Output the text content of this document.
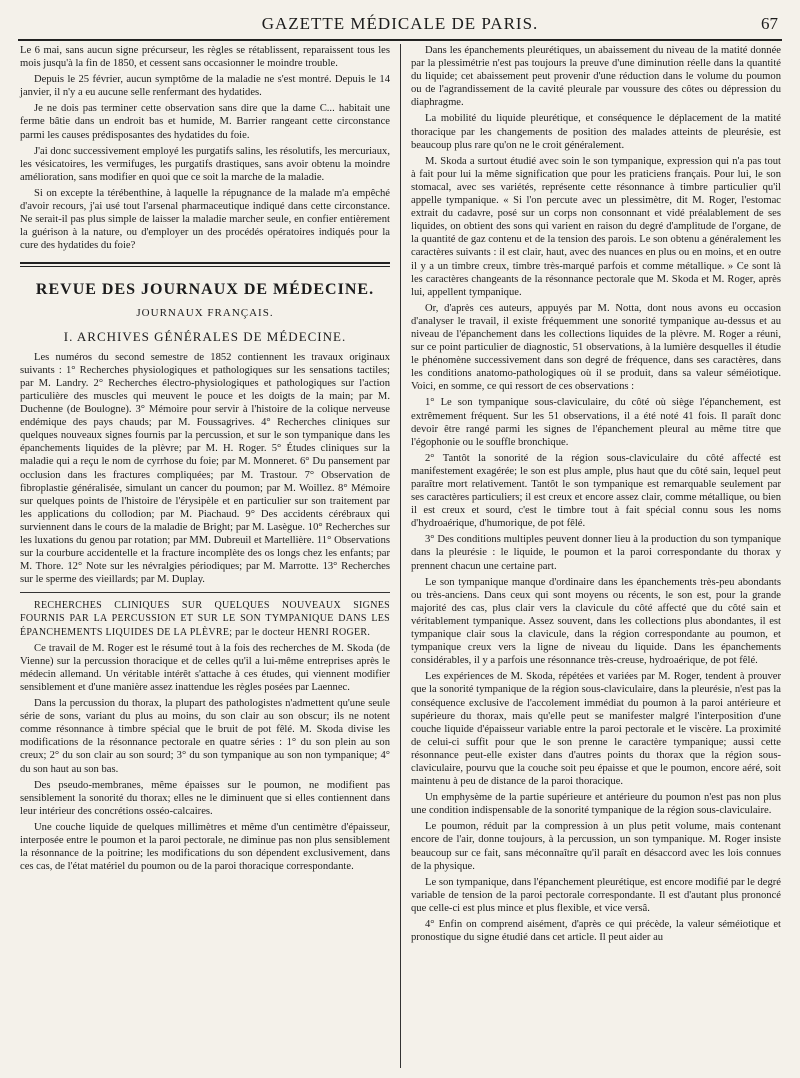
GAZETTE MÉDICALE DE PARIS.	67

Le 6 mai, sans aucun signe précurseur, les règles se rétablissent, reparaissent tous les mois jusqu'à la fin de 1850, et cessent sans occasionner le moindre trouble.

Depuis le 25 février, aucun symptôme de la maladie ne s'est montré. Depuis le 14 janvier, il n'y a eu aucune selle renfermant des hydatides.

Je ne dois pas terminer cette observation sans dire que la dame C... habitait une ferme bâtie dans un endroit bas et humide, M. Barrier rangeant cette circonstance parmi les causes prédisposantes des hydatides du foie.

J'ai donc successivement employé les purgatifs salins, les résolutifs, les mercuriaux, les vésicatoires, les vermifuges, les purgatifs drastiques, sans avoir obtenu la moindre amélioration, sans modifier en quoi que ce soit la marche de la maladie.

Si on excepte la térébenthine, à laquelle la répugnance de la malade m'a empêché d'avoir recours, j'ai usé tout l'arsenal pharmaceutique indiqué dans cette circonstance. Ne serait-il pas plus simple de laisser la maladie marcher seule, en confier entièrement la guérison à la nature, ou d'employer un des procédés opératoires indiqués pour la cure des hydatides du foie?

REVUE DES JOURNAUX DE MÉDECINE.
JOURNAUX FRANÇAIS.
I. ARCHIVES GÉNÉRALES DE MÉDECINE.

Les numéros du second semestre de 1852 contiennent les travaux originaux suivants : 1° Recherches physiologiques et pathologiques sur les sensations tactiles; par M. Landry. 2° Recherches électro-physiologiques et pathologiques sur l'action particulière des muscles qui meuvent le pouce et les doigts de la main; par M. Duchenne (de Boulogne). 3° Mémoire pour servir à l'histoire de la colique nerveuse endémique des pays chauds; par M. Foussagrives. 4° Recherches cliniques sur quelques nouveaux signes fournis par la percussion, et sur le son tympanique dans les épanchements liquides de la plèvre; par M. H. Roger. 5° Études cliniques sur la maladie qui a reçu le nom de cyrrhose du foie; par M. Monneret. 6° Du pansement par occlusion dans les fractures compliquées; par M. Trastour. 7° Observation de fibroplastie généralisée, simulant un cancer du poumon; par M. Woillez. 8° Mémoire sur quelques points de l'histoire de l'érysipèle et en particulier sur son traitement par les applications du collodion; par M. Piachaud. 9° Des accidents cérébraux qui surviennent dans le cours de la maladie de Bright; par M. Lasègue. 10° Recherches sur les luxations du genou par rotation; par MM. Dubreuil et Martellière. 11° Observations sur la courbure accidentelle et la fracture incomplète des os longs chez les enfants; par M. Thore. 12° Note sur les névralgies périodiques; par M. Marrotte. 13° Recherches sur le sperme des vieillards; par M. Duplay.

RECHERCHES CLINIQUES SUR QUELQUES NOUVEAUX SIGNES FOURNIS PAR LA PERCUSSION ET SUR LE SON TYMPANIQUE DANS LES ÉPANCHEMENTS LIQUIDES DE LA PLÈVRE; par le docteur HENRI ROGER.

Ce travail de M. Roger est le résumé tout à la fois des recherches de M. Skoda (de Vienne) sur la percussion thoracique et de celles qu'il a lui-même entreprises après le médecin allemand. Un véritable intérêt s'attache à ces études, qui viennent modifier sensiblement et d'une manière assez inattendue les règles posées par Laennec.

Dans la percussion du thorax, la plupart des pathologistes n'admettent qu'une seule série de sons, variant du plus au moins, du son clair au son obscur; ils ne notent comme résonnance à timbre spécial que le bruit de pot fêlé. M. Skoda divise les modifications de la résonnance pectorale en quatre séries : 1° du son plein au son creux; 2° du son clair au son sourd; 3° du son tympanique au son non tympanique; 4° du son haut au son bas.

Des pseudo-membranes, même épaisses sur le poumon, ne modifient pas sensiblement la sonorité du thorax; elles ne le diminuent que si elles contiennent dans leur intérieur des concrétions osséo-calcaires.

Une couche liquide de quelques millimètres et même d'un centimètre d'épaisseur, interposée entre le poumon et la paroi pectorale, ne diminue pas non plus sensiblement la résonnance de la poitrine; les modifications du son dépendent exclusivement, dans ces cas, de l'état matériel du poumon ou de la paroi thoracique correspondante.

Dans les épanchements pleurétiques, un abaissement du niveau de la matité donnée par la plessimétrie n'est pas toujours la preuve d'une diminution réelle dans la quantité du liquide; cet abaissement peut provenir d'une réduction dans le volume du poumon ou de l'agrandissement de la cavité pleurale par voussure des côtes ou dépression du diaphragme.

La mobilité du liquide pleurétique, et conséquence le déplacement de la matité thoracique par les changements de position des malades atteints de pleurésie, est beaucoup plus rare qu'on ne le croit généralement.

M. Skoda a surtout étudié avec soin le son tympanique, expression qui n'a pas tout à fait pour lui la même signification que pour les praticiens français. Pour lui, le son stomacal, avec ses variétés, représente cette résonnance à timbre particulier qu'il appelle tympanique. « Si l'on percute avec un plessimètre, dit M. Roger, l'estomac extrait du cadavre, posé sur un corps non consonnant et vidé préalablement de ses liquides, on obtient des sons qui varient en raison du degré d'amplitude de l'organe, de la quantité de gaz contenu et de la tension des parois. Le son obtenu a généralement les caractères suivants : il est clair, haut, avec des nuances en plus ou en moins, et en outre il y a un timbre creux, timbre très-marqué parfois et comme métallique. » Ce sont là les caractères changeants de la résonnance pectorale que M. Skoda et M. Roger, après lui, appellent tympanique.

Or, d'après ces auteurs, appuyés par M. Notta, dont nous avons eu occasion d'analyser le travail, il existe fréquemment une sonorité tympanique au-dessus et au niveau de l'épanchement dans les collections liquides de la plèvre. M. Roger a réuni, sur ce point particulier de diagnostic, 51 observations, à la lumière desquelles il étudie le phénomène successivement dans son degré de fréquence, dans ses caractères, dans les conditions anatomo-pathologiques où il se produit, dans sa valeur séméiotique. Voici, en somme, ce qui ressort de ces observations :

1° Le son tympanique sous-claviculaire, du côté où siège l'épanchement, est extrêmement fréquent. Sur les 51 observations, il a été noté 41 fois. Il paraît donc devoir être rangé parmi les signes de l'épanchement pleural au même titre que l'égophonie ou le souffle bronchique.

2° Tantôt la sonorité de la région sous-claviculaire du côté affecté est manifestement exagérée; le son est plus ample, plus haut que du côté sain, lequel peut paraître mort relativement. Tantôt le son tympanique est remarquable seulement par ses caractères particuliers; il est creux et encore assez clair, comme métallique, ou bien il est creux et sourd, c'est le timbre tout à fait spécial connu sous les noms d'hydroaérique, d'humorique, de pot fêlé.

3° Des conditions multiples peuvent donner lieu à la production du son tympanique dans la pleurésie : le liquide, le poumon et la paroi correspondante du thorax y prennent chacun une certaine part.

Le son tympanique manque d'ordinaire dans les épanchements très-peu abondants ou très-anciens. Dans ceux qui sont moyens ou récents, le son est, pour la grande majorité des cas, plus clair vers la clavicule du côté affecté que du côté sain et véritablement tympanique. Assez souvent, dans les collections plus abondantes, il est tympanique clair sous la clavicule, dans la région correspondante au poumon, et tympanique creux vers la ligne de niveau du liquide. Dans les épanchements considérables, il y a parfois une résonnance très-creuse, hydroaérique, de pot fêlé.

Les expériences de M. Skoda, répétées et variées par M. Roger, tendent à prouver que la sonorité tympanique de la région sous-claviculaire, dans la pleurésie, n'est pas la conséquence exclusive de l'accolement immédiat du poumon à la paroi antérieure et supérieure du thorax, mais qu'elle peut se manifester malgré l'interposition d'une couche liquide d'épaisseur variable entre la paroi pectorale et le viscère. La proximité de celui-ci suffit pour que le son prenne le caractère tympanique; aussi cette résonnance peut-elle exister dans d'autres points du thorax que la région sous-claviculaire, pourvu que la couche soit peu épaisse et que le poumon, encore aéré, soit maintenu à peu de distance de la paroi thoracique.

Un emphysème de la partie supérieure et antérieure du poumon n'est pas non plus une condition indispensable de la sonorité tympanique de la région sous-claviculaire.

Le poumon, réduit par la compression à un plus petit volume, mais contenant encore de l'air, donne toujours, à la percussion, un son tympanique. M. Roger insiste beaucoup sur ce fait, sans méconnaître qu'il paraît en désaccord avec les lois connues de la physique.

Le son tympanique, dans l'épanchement pleurétique, est encore modifié par le degré variable de tension de la paroi pectorale correspondante. Il est d'autant plus prononcé que celle-ci est plus mince et plus flexible, et vice versâ.

4° Enfin on comprend aisément, d'après ce qui précède, la valeur séméiotique et pronostique du signe étudié dans cet article. Il peut aider au
